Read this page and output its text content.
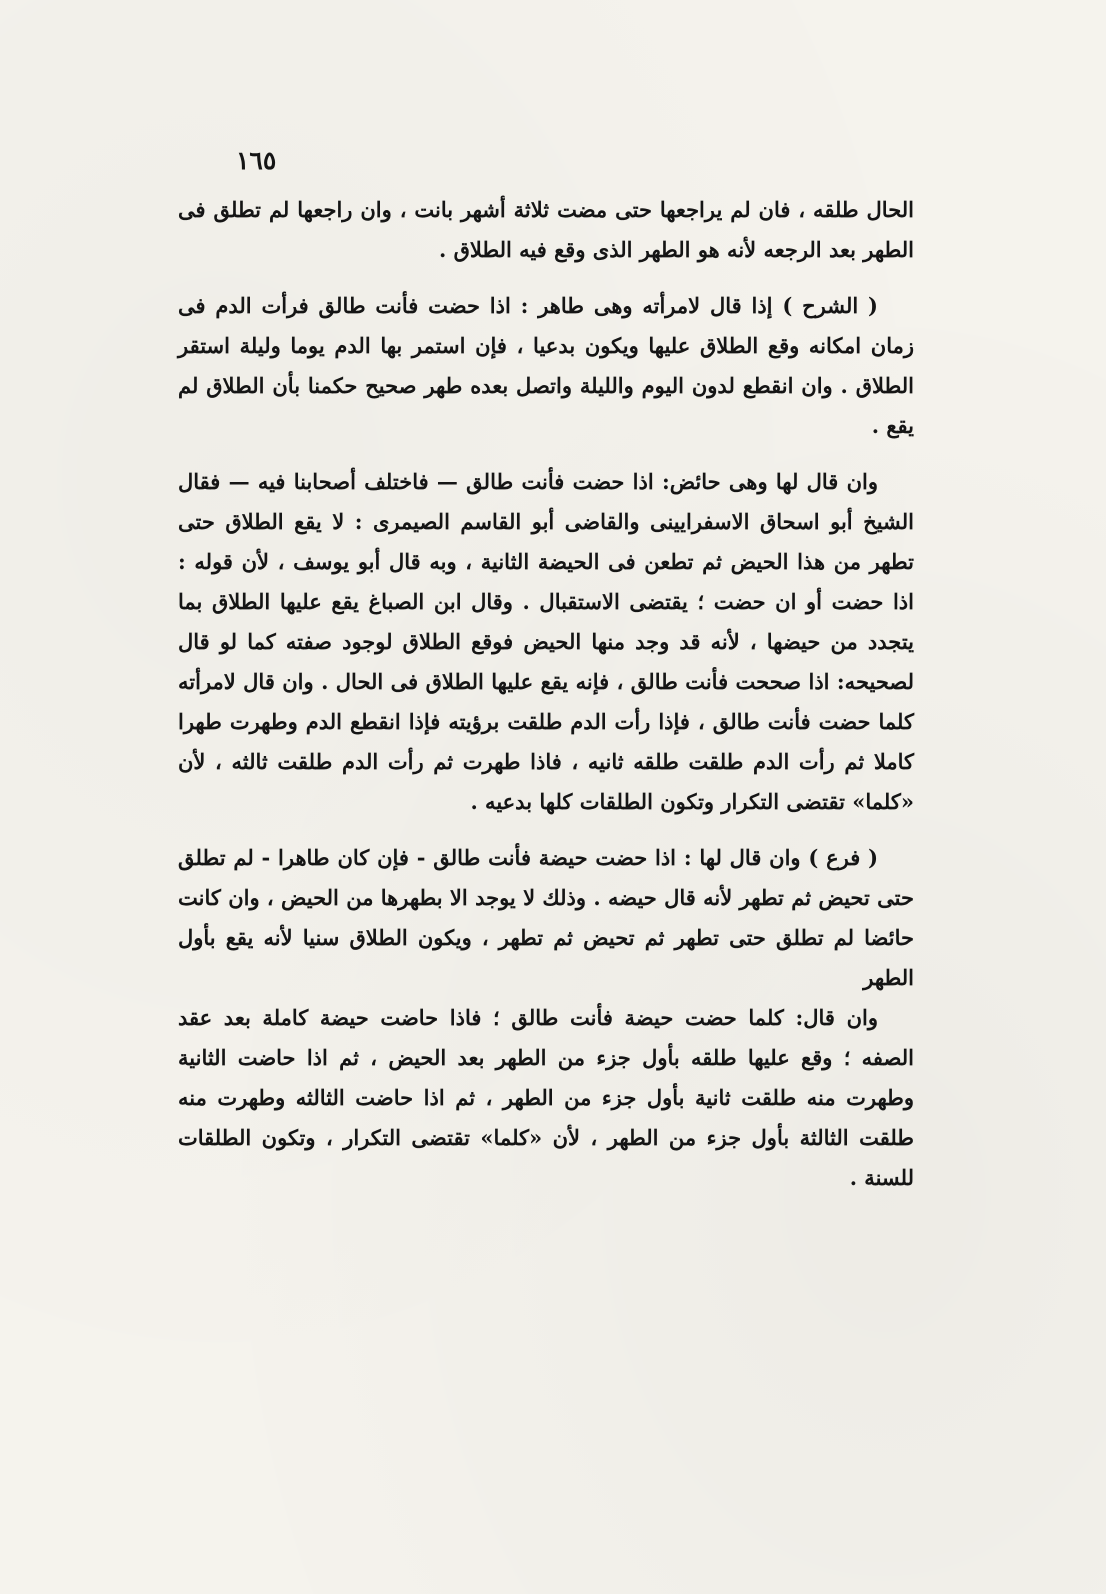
١٦٥

الحال طلقه ، فان لم يراجعها حتى مضت ثلاثة أشهر بانت ، وان راجعها لم تطلق فى الطهر بعد الرجعه لأنه هو الطهر الذى وقع فيه الطلاق .

( الشرح ) إذا قال لامرأته وهى طاهر : اذا حضت فأنت طالق فرأت الدم فى زمان امكانه وقع الطلاق عليها ويكون بدعيا ، فإن استمر بها الدم يوما وليلة استقر الطلاق . وان انقطع لدون اليوم والليلة واتصل بعده طهر صحيح حكمنا بأن الطلاق لم يقع .

وان قال لها وهى حائض: اذا حضت فأنت طالق — فاختلف أصحابنا فيه — فقال الشيخ أبو اسحاق الاسفرايينى والقاضى أبو القاسم الصيمرى : لا يقع الطلاق حتى تطهر من هذا الحيض ثم تطعن فى الحيضة الثانية ، وبه قال أبو يوسف ، لأن قوله : اذا حضت أو ان حضت ؛ يقتضى الاستقبال . وقال ابن الصباغ يقع عليها الطلاق بما يتجدد من حيضها ، لأنه قد وجد منها الحيض فوقع الطلاق لوجود صفته كما لو قال لصحيحه: اذا صححت فأنت طالق ، فإنه يقع عليها الطلاق فى الحال . وان قال لامرأته كلما حضت فأنت طالق ، فإذا رأت الدم طلقت برؤيته فإذا انقطع الدم وطهرت طهرا كاملا ثم رأت الدم طلقت طلقه ثانيه ، فاذا طهرت ثم رأت الدم طلقت ثالثه ، لأن «كلما» تقتضى التكرار وتكون الطلقات كلها بدعيه .

( فرع ) وان قال لها : اذا حضت حيضة فأنت طالق - فإن كان طاهرا - لم تطلق حتى تحيض ثم تطهر لأنه قال حيضه . وذلك لا يوجد الا بطهرها من الحيض ، وان كانت حائضا لم تطلق حتى تطهر ثم تحيض ثم تطهر ، ويكون الطلاق سنيا لأنه يقع بأول الطهر

وان قال: كلما حضت حيضة فأنت طالق ؛ فاذا حاضت حيضة كاملة بعد عقد الصفه ؛ وقع عليها طلقه بأول جزء من الطهر بعد الحيض ، ثم اذا حاضت الثانية وطهرت منه طلقت ثانية بأول جزء من الطهر ، ثم اذا حاضت الثالثه وطهرت منه طلقت الثالثة بأول جزء من الطهر ، لأن «كلما» تقتضى التكرار ، وتكون الطلقات للسنة .
